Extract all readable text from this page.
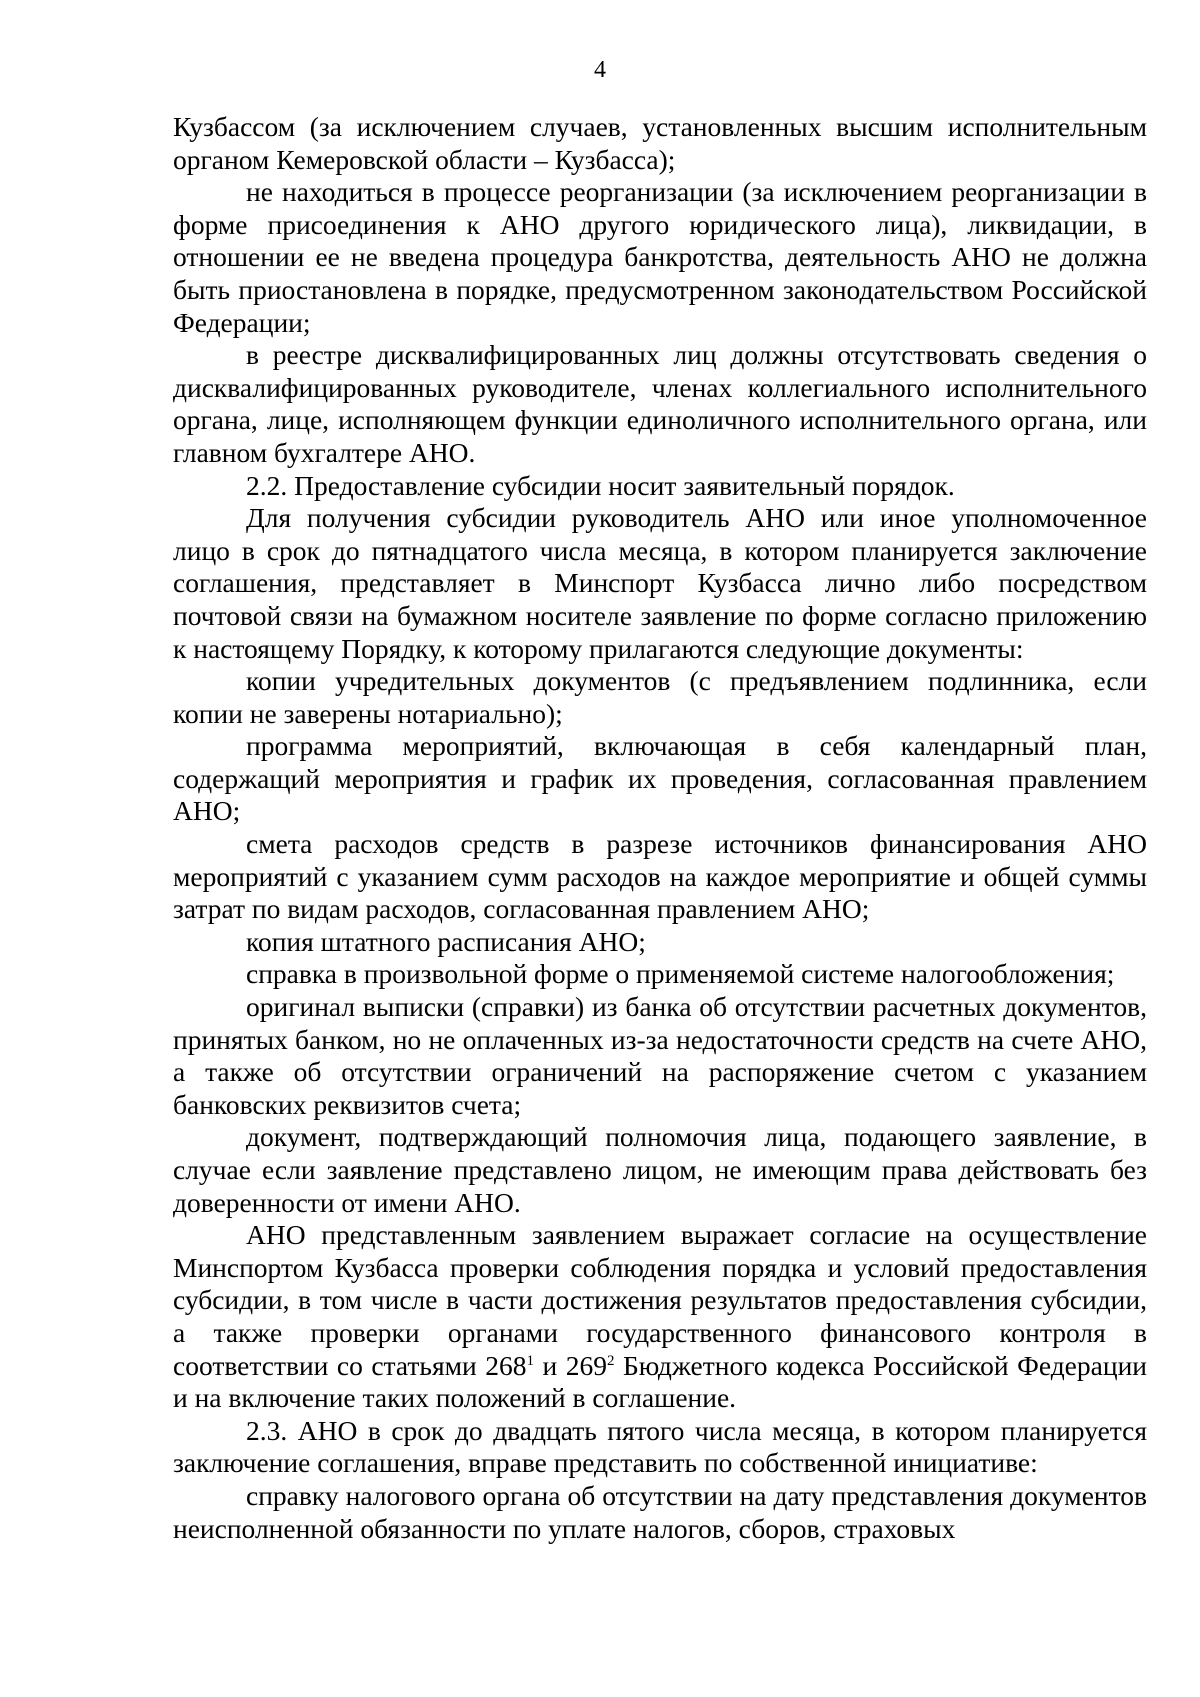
4

Кузбассом (за исключением случаев, установленных высшим исполнительным органом Кемеровской области – Кузбасса);

не находиться в процессе реорганизации (за исключением реорганизации в форме присоединения к АНО другого юридического лица), ликвидации, в отношении ее не введена процедура банкротства, деятельность АНО не должна быть приостановлена в порядке, предусмотренном законодательством Российской Федерации;

в реестре дисквалифицированных лиц должны отсутствовать сведения о дисквалифицированных руководителе, членах коллегиального исполнительного органа, лице, исполняющем функции единоличного исполнительного органа, или главном бухгалтере АНО.

2.2. Предоставление субсидии носит заявительный порядок.

Для получения субсидии руководитель АНО или иное уполномоченное лицо в срок до пятнадцатого числа месяца, в котором планируется заключение соглашения, представляет в Минспорт Кузбасса лично либо посредством почтовой связи на бумажном носителе заявление по форме согласно приложению к настоящему Порядку, к которому прилагаются следующие документы:

копии учредительных документов (с предъявлением подлинника, если копии не заверены нотариально);

программа мероприятий, включающая в себя календарный план, содержащий мероприятия и график их проведения, согласованная правлением АНО;

смета расходов средств в разрезе источников финансирования АНО мероприятий с указанием сумм расходов на каждое мероприятие и общей суммы затрат по видам расходов, согласованная правлением АНО;

копия штатного расписания АНО;

справка в произвольной форме о применяемой системе налогообложения;

оригинал выписки (справки) из банка об отсутствии расчетных документов, принятых банком, но не оплаченных из-за недостаточности средств на счете АНО, а также об отсутствии ограничений на распоряжение счетом с указанием банковских реквизитов счета;

документ, подтверждающий полномочия лица, подающего заявление, в случае если заявление представлено лицом, не имеющим права действовать без доверенности от имени АНО.

АНО представленным заявлением выражает согласие на осуществление Минспортом Кузбасса проверки соблюдения порядка и условий предоставления субсидии, в том числе в части достижения результатов предоставления субсидии, а также проверки органами государственного финансового контроля в соответствии со статьями $268^1$ и $269^2$ Бюджетного кодекса Российской Федерации и на включение таких положений в соглашение.

2.3. АНО в срок до двадцать пятого числа месяца, в котором планируется заключение соглашения, вправе представить по собственной инициативе:

справку налогового органа об отсутствии на дату представления документов неисполненной обязанности по уплате налогов, сборов, страховых
